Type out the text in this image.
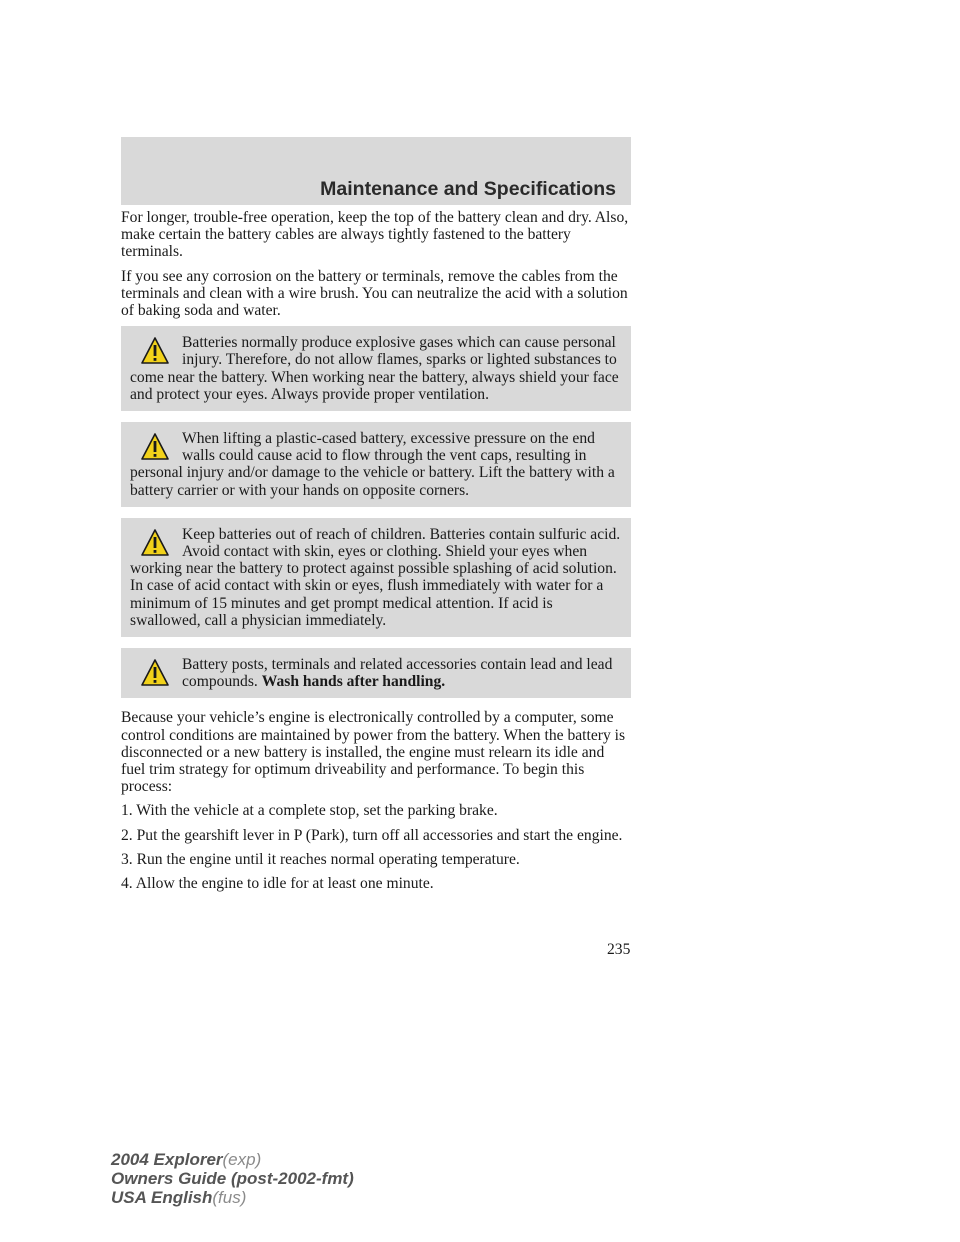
Maintenance and Specifications

For longer, trouble-free operation, keep the top of the battery clean and dry. Also, make certain the battery cables are always tightly fastened to the battery terminals.

If you see any corrosion on the battery or terminals, remove the cables from the terminals and clean with a wire brush. You can neutralize the acid with a solution of baking soda and water.

Batteries normally produce explosive gases which can cause personal injury. Therefore, do not allow flames, sparks or lighted substances to come near the battery. When working near the battery, always shield your face and protect your eyes. Always provide proper ventilation.

When lifting a plastic-cased battery, excessive pressure on the end walls could cause acid to flow through the vent caps, resulting in personal injury and/or damage to the vehicle or battery. Lift the battery with a battery carrier or with your hands on opposite corners.

Keep batteries out of reach of children. Batteries contain sulfuric acid. Avoid contact with skin, eyes or clothing. Shield your eyes when working near the battery to protect against possible splashing of acid solution. In case of acid contact with skin or eyes, flush immediately with water for a minimum of 15 minutes and get prompt medical attention. If acid is swallowed, call a physician immediately.

Battery posts, terminals and related accessories contain lead and lead compounds. Wash hands after handling.

Because your vehicle’s engine is electronically controlled by a computer, some control conditions are maintained by power from the battery. When the battery is disconnected or a new battery is installed, the engine must relearn its idle and fuel trim strategy for optimum driveability and performance. To begin this process:

1. With the vehicle at a complete stop, set the parking brake.

2. Put the gearshift lever in P (Park), turn off all accessories and start the engine.

3. Run the engine until it reaches normal operating temperature.

4. Allow the engine to idle for at least one minute.

235
2004 Explorer(exp)
Owners Guide (post-2002-fmt)
USA English(fus)
